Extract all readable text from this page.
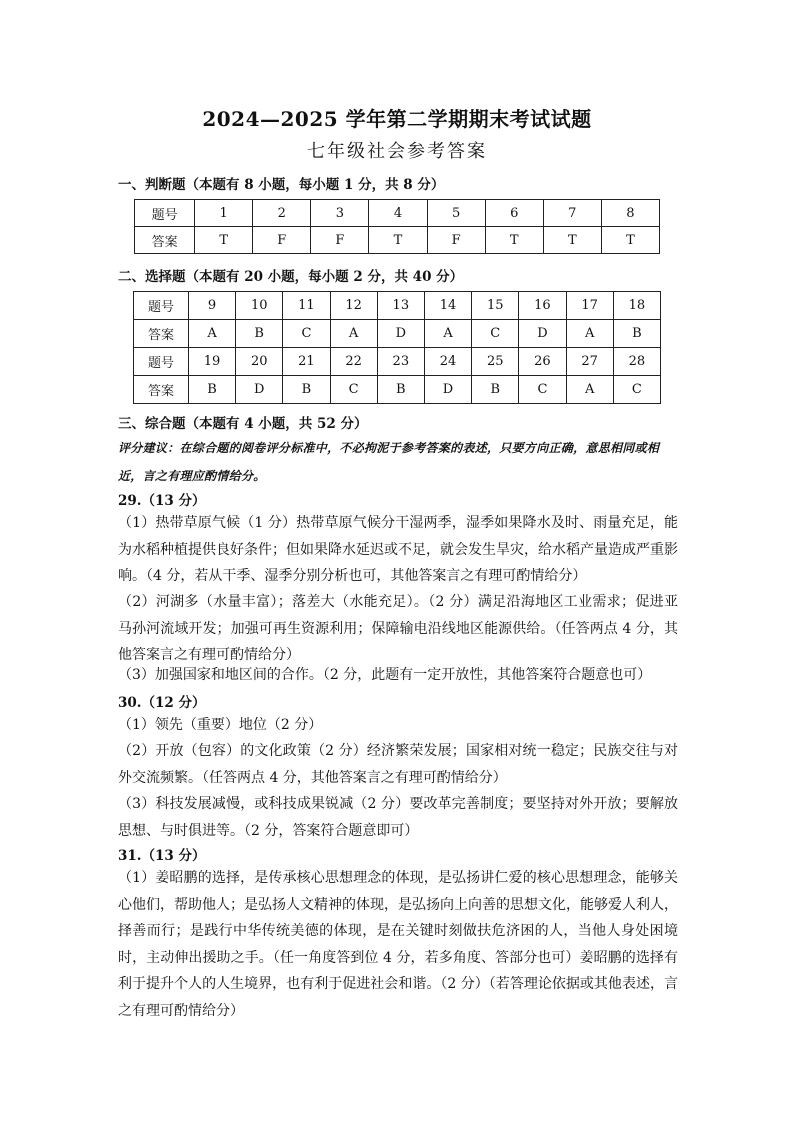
2024—2025 学年第二学期期末考试试题
七年级社会参考答案
一、判断题（本题有 8 小题，每小题 1 分，共 8 分）
题号	1	2	3	4	5	6	7	8
答案	T	F	F	T	F	T	T	T
二、选择题（本题有 20 小题，每小题 2 分，共 40 分）
题号	9	10	11	12	13	14	15	16	17	18
答案	A	B	C	A	D	A	C	D	A	B
题号	19	20	21	22	23	24	25	26	27	28
答案	B	D	B	C	B	D	B	C	A	C
三、综合题（本题有 4 小题，共 52 分）
评分建议：在综合题的阅卷评分标准中，不必拘泥于参考答案的表述，只要方向正确，意思相同或相近，言之有理应酌情给分。
29.（13 分）
（1）热带草原气候（1 分）热带草原气候分干湿两季，湿季如果降水及时、雨量充足，能为水稻种植提供良好条件；但如果降水延迟或不足，就会发生旱灾，给水稻产量造成严重影响。（4 分，若从干季、湿季分别分析也可，其他答案言之有理可酌情给分）
（2）河湖多（水量丰富）；落差大（水能充足）。（2 分）满足沿海地区工业需求；促进亚马孙河流域开发；加强可再生资源利用；保障输电沿线地区能源供给。（任答两点 4 分，其他答案言之有理可酌情给分）
（3）加强国家和地区间的合作。（2 分，此题有一定开放性，其他答案符合题意也可）
30.（12 分）
（1）领先（重要）地位（2 分）
（2）开放（包容）的文化政策（2 分）经济繁荣发展；国家相对统一稳定；民族交往与对外交流频繁。（任答两点 4 分，其他答案言之有理可酌情给分）
（3）科技发展减慢，或科技成果锐减（2 分）要改革完善制度；要坚持对外开放；要解放思想、与时俱进等。（2 分，答案符合题意即可）
31.（13 分）
（1）姜昭鹏的选择，是传承核心思想理念的体现，是弘扬讲仁爱的核心思想理念，能够关心他们，帮助他人；是弘扬人文精神的体现，是弘扬向上向善的思想文化，能够爱人利人，择善而行；是践行中华传统美德的体现，是在关键时刻做扶危济困的人，当他人身处困境时，主动伸出援助之手。（任一角度答到位 4 分，若多角度、答部分也可）姜昭鹏的选择有利于提升个人的人生境界，也有利于促进社会和谐。（2 分）（若答理论依据或其他表述，言之有理可酌情给分）
